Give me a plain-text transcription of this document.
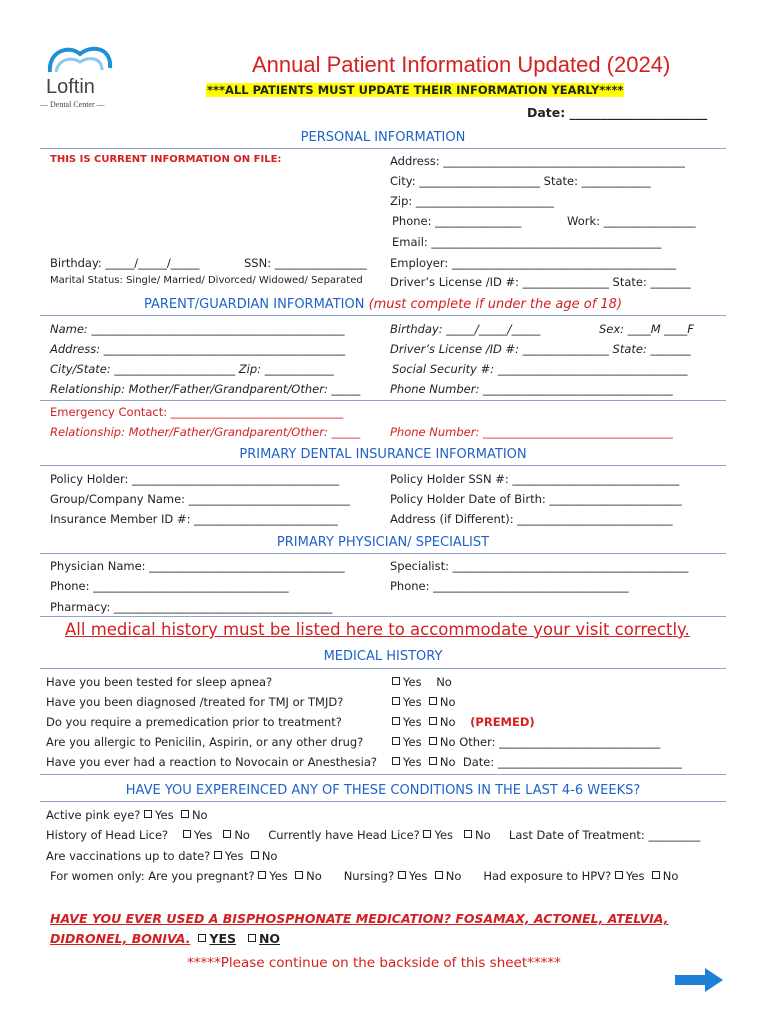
Loftin
— Dental Center —
Annual Patient Information Updated (2024)
***ALL PATIENTS MUST UPDATE THEIR INFORMATION YEARLY****
Date: ______________________
PERSONAL INFORMATION
THIS IS CURRENT INFORMATION ON FILE:	Address: __________________________________________
City: _____________________ State: ____________
Zip: ________________________
Phone: _______________	Work: ________________
Email: ________________________________________
Birthday: _____/_____/_____	SSN: ________________ Employer: _______________________________________
Marital Status: Single/ Married/ Divorced/ Widowed/ Separated Driver’s License /ID #: _______________ State: _______
PARENT/GUARDIAN INFORMATION (must complete if under the age of 18)
Name: ____________________________________________	Birthday: _____/_____/_____	Sex: ____M ____F
Address: __________________________________________	Driver’s License /ID #: _______________ State: _______
City/State: _____________________ Zip: ____________	Social Security #: _________________________________
Relationship: Mother/Father/Grandparent/Other: _____	Phone Number: _________________________________
Emergency Contact: ______________________________
Relationship: Mother/Father/Grandparent/Other: _____	Phone Number: _________________________________
PRIMARY DENTAL INSURANCE INFORMATION
Policy Holder: ____________________________________	Policy Holder SSN #: _____________________________
Group/Company Name: ____________________________	Policy Holder Date of Birth: _______________________
Insurance Member ID #: _________________________	Address (if Different): ___________________________
PRIMARY PHYSICIAN/ SPECIALIST
Physician Name: __________________________________	Specialist: _________________________________________
Phone: __________________________________	Phone: __________________________________
Pharmacy: ______________________________________
All medical history must be listed here to accommodate your visit correctly.
MEDICAL HISTORY
Have you been tested for sleep apnea?	Yes No
Have you been diagnosed /treated for TMJ or TMJD?	Yes No
Do you require a premedication prior to treatment?	Yes No (PREMED)
Are you allergic to Penicilin, Aspirin, or any other drug?	Yes No Other: ____________________________
Have you ever had a reaction to Novocain or Anesthesia?	Yes No Date: ________________________________
HAVE YOU EXPEREINCED ANY OF THESE CONDITIONS IN THE LAST 4-6 WEEKS?
Active pink eye? Yes No
History of Head Lice? Yes No Currently have Head Lice? Yes No Last Date of Treatment: _________
Are vaccinations up to date? Yes No
For women only: Are you pregnant? Yes No Nursing? Yes No Had exposure to HPV? Yes No
HAVE YOU EVER USED A BISPHOSPHONATE MEDICATION? FOSAMAX, ACTONEL, ATELVIA,
DIDRONEL, BONIVA. YES NO
*****Please continue on the backside of this sheet*****
